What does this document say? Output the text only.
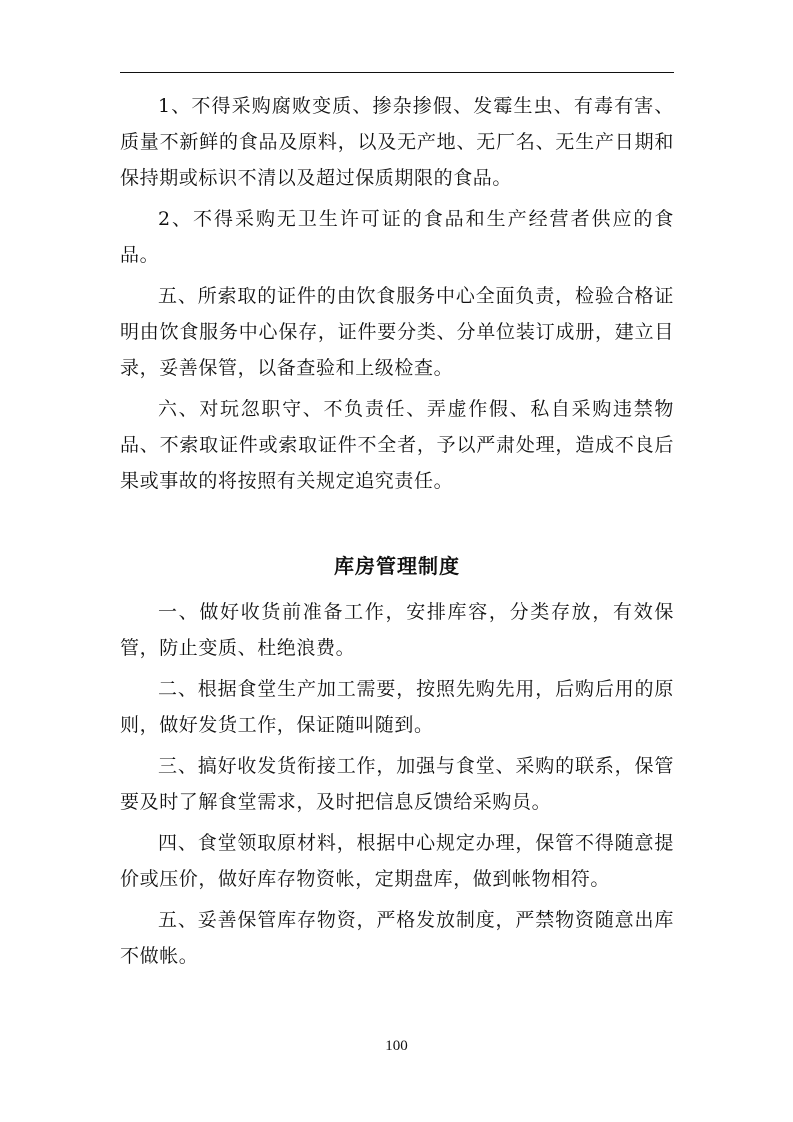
1、不得采购腐败变质、掺杂掺假、发霉生虫、有毒有害、质量不新鲜的食品及原料，以及无产地、无厂名、无生产日期和保持期或标识不清以及超过保质期限的食品。

2、不得采购无卫生许可证的食品和生产经营者供应的食品。

五、所索取的证件的由饮食服务中心全面负责，检验合格证明由饮食服务中心保存，证件要分类、分单位装订成册，建立目录，妥善保管，以备查验和上级检查。

六、对玩忽职守、不负责任、弄虚作假、私自采购违禁物品、不索取证件或索取证件不全者，予以严肃处理，造成不良后果或事故的将按照有关规定追究责任。

库房管理制度

一、做好收货前准备工作，安排库容，分类存放，有效保管，防止变质、杜绝浪费。

二、根据食堂生产加工需要，按照先购先用，后购后用的原则，做好发货工作，保证随叫随到。

三、搞好收发货衔接工作，加强与食堂、采购的联系，保管要及时了解食堂需求，及时把信息反馈给采购员。

四、食堂领取原材料，根据中心规定办理，保管不得随意提价或压价，做好库存物资帐，定期盘库，做到帐物相符。

五、妥善保管库存物资，严格发放制度，严禁物资随意出库不做帐。

100
